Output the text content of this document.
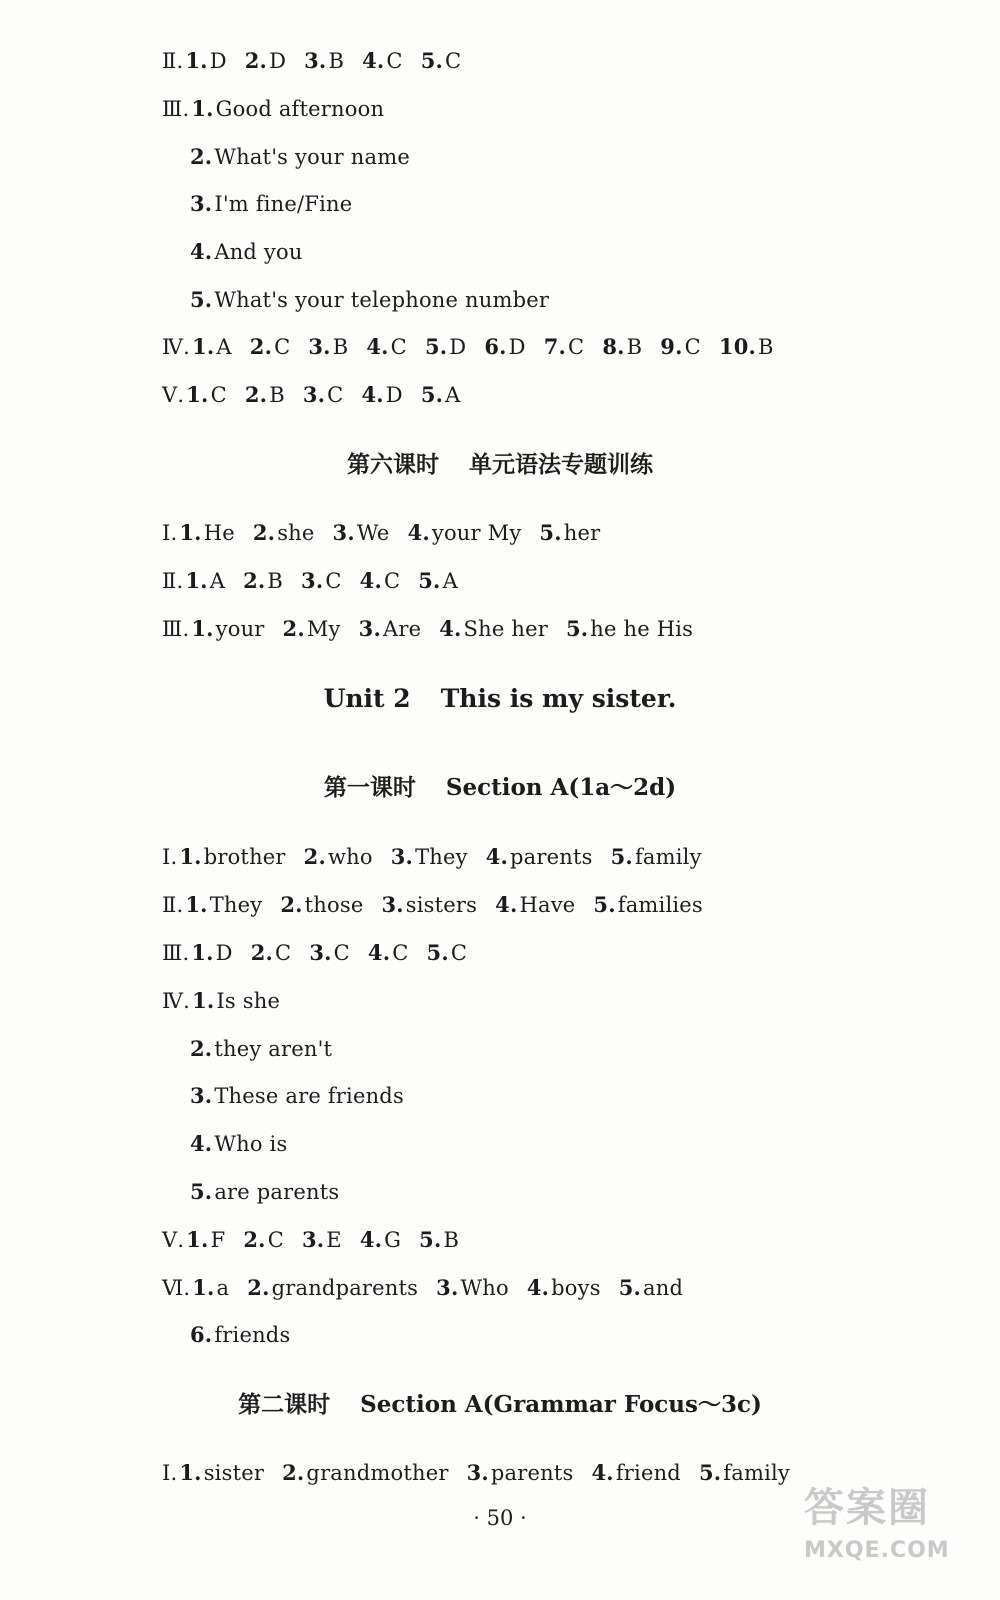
Ⅱ.1.D 2.D 3.B 4.C 5.C
Ⅲ.1.Good afternoon
2.What's your name
3.I'm fine/Fine
4.And you
5.What's your telephone number
Ⅳ.1.A 2.C 3.B 4.C 5.D 6.D 7.C 8.B 9.C 10.B
Ⅴ.1.C 2.B 3.C 4.D 5.A
第六课时 单元语法专题训练
Ⅰ.1.He 2.she 3.We 4.your My 5.her
Ⅱ.1.A 2.B 3.C 4.C 5.A
Ⅲ.1.your 2.My 3.Are 4.She her 5.he he His
Unit 2 This is my sister.
第一课时 Section A(1a～2d)
Ⅰ.1.brother 2.who 3.They 4.parents 5.family
Ⅱ.1.They 2.those 3.sisters 4.Have 5.families
Ⅲ.1.D 2.C 3.C 4.C 5.C
Ⅳ.1.Is she
2.they aren't
3.These are friends
4.Who is
5.are parents
Ⅴ.1.F 2.C 3.E 4.G 5.B
Ⅵ.1.a 2.grandparents 3.Who 4.boys 5.and
6.friends
第二课时 Section A(Grammar Focus～3c)
Ⅰ.1.sister 2.grandmother 3.parents 4.friend 5.family
· 50 ·	答案圈
MXQE.COM
